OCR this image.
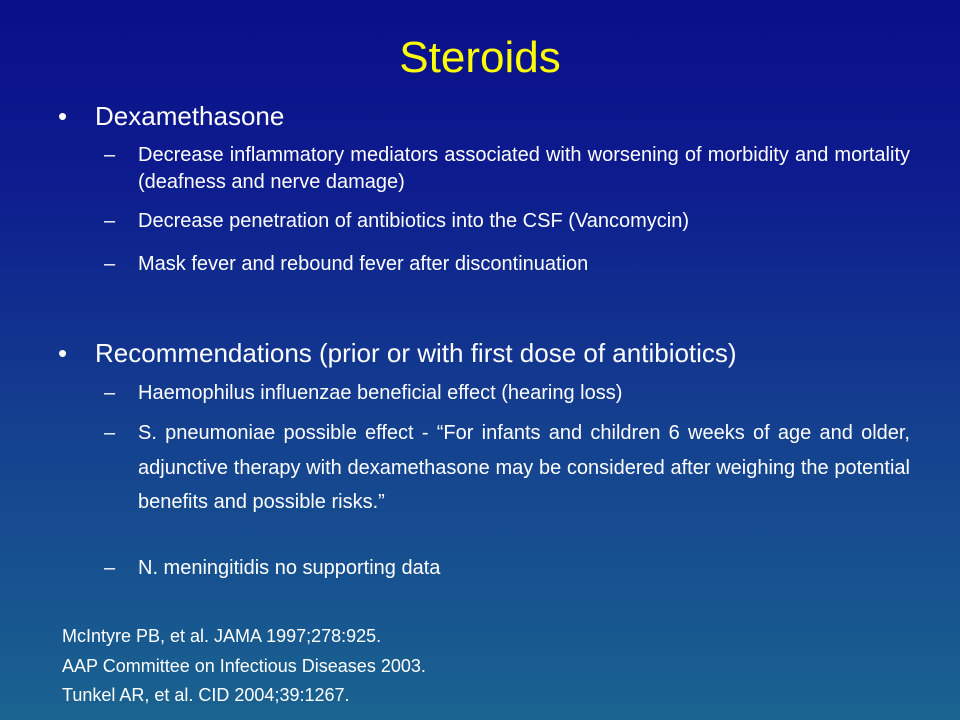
Steroids
• Dexamethasone
– Decrease inflammatory mediators associated with worsening of morbidity and mortality (deafness and nerve damage)
– Decrease penetration of antibiotics into the CSF (Vancomycin)
– Mask fever and rebound fever after discontinuation
• Recommendations (prior or with first dose of antibiotics)
– Haemophilus influenzae beneficial effect (hearing loss)
– S. pneumoniae possible effect - “For infants and children 6 weeks of age and older, adjunctive therapy with dexamethasone may be considered after weighing the potential benefits and possible risks.”
– N. meningitidis no supporting data
McIntyre PB, et al. JAMA 1997;278:925.
AAP Committee on Infectious Diseases 2003.
Tunkel AR, et al. CID 2004;39:1267.
